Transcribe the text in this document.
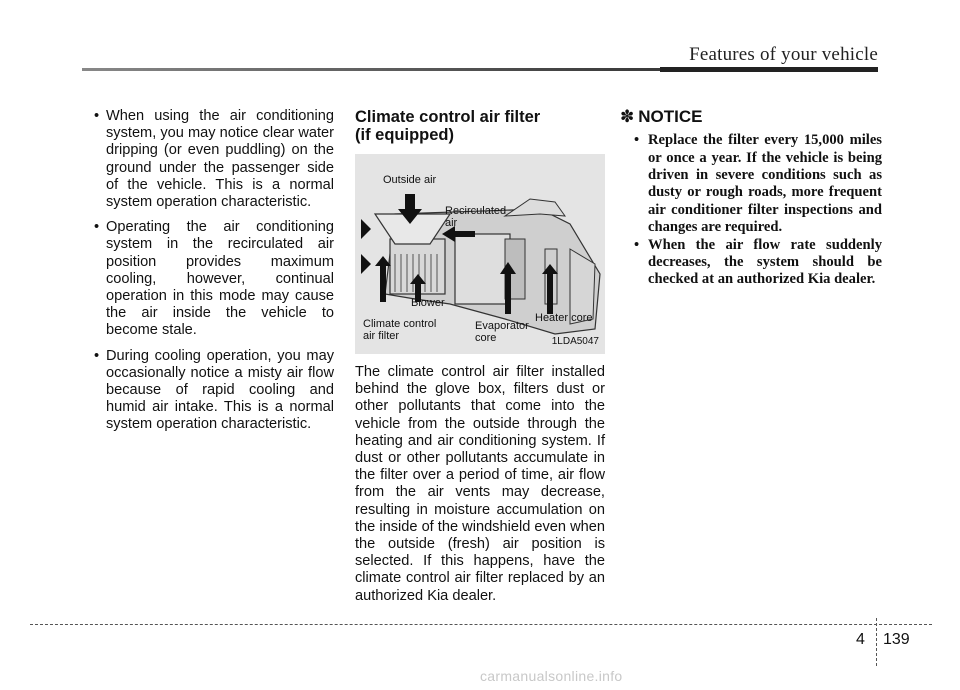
Features of your vehicle
• When using the air conditioning system, you may notice clear water dripping (or even puddling) on the ground under the passenger side of the vehicle. This is a normal system operation characteristic.
• Operating the air conditioning system in the recirculated air position provides maximum cooling, however, continual operation in this mode may cause the air inside the vehicle to become stale.
• During cooling operation, you may occasionally notice a misty air flow because of rapid cooling and humid air intake. This is a normal system operation characteristic.
Climate control air filter
(if equipped)
Outside air
Recirculated
air
Blower
Climate control
air filter
Evaporator
core
Heater core
1LDA5047
The climate control air filter installed behind the glove box, filters dust or other pollutants that come into the vehicle from the outside through the heating and air conditioning system. If dust or other pollutants accumulate in the filter over a period of time, air flow from the air vents may decrease, resulting in moisture accumulation on the inside of the windshield even when the outside (fresh) air position is selected. If this happens, have the climate control air filter replaced by an authorized Kia dealer.
✽ NOTICE
• Replace the filter every 15,000 miles or once a year. If the vehicle is being driven in severe conditions such as dusty or rough roads, more frequent air conditioner filter inspections and changes are required.
• When the air flow rate suddenly decreases, the system should be checked at an authorized Kia dealer.
4 139
carmanualsonline.info
